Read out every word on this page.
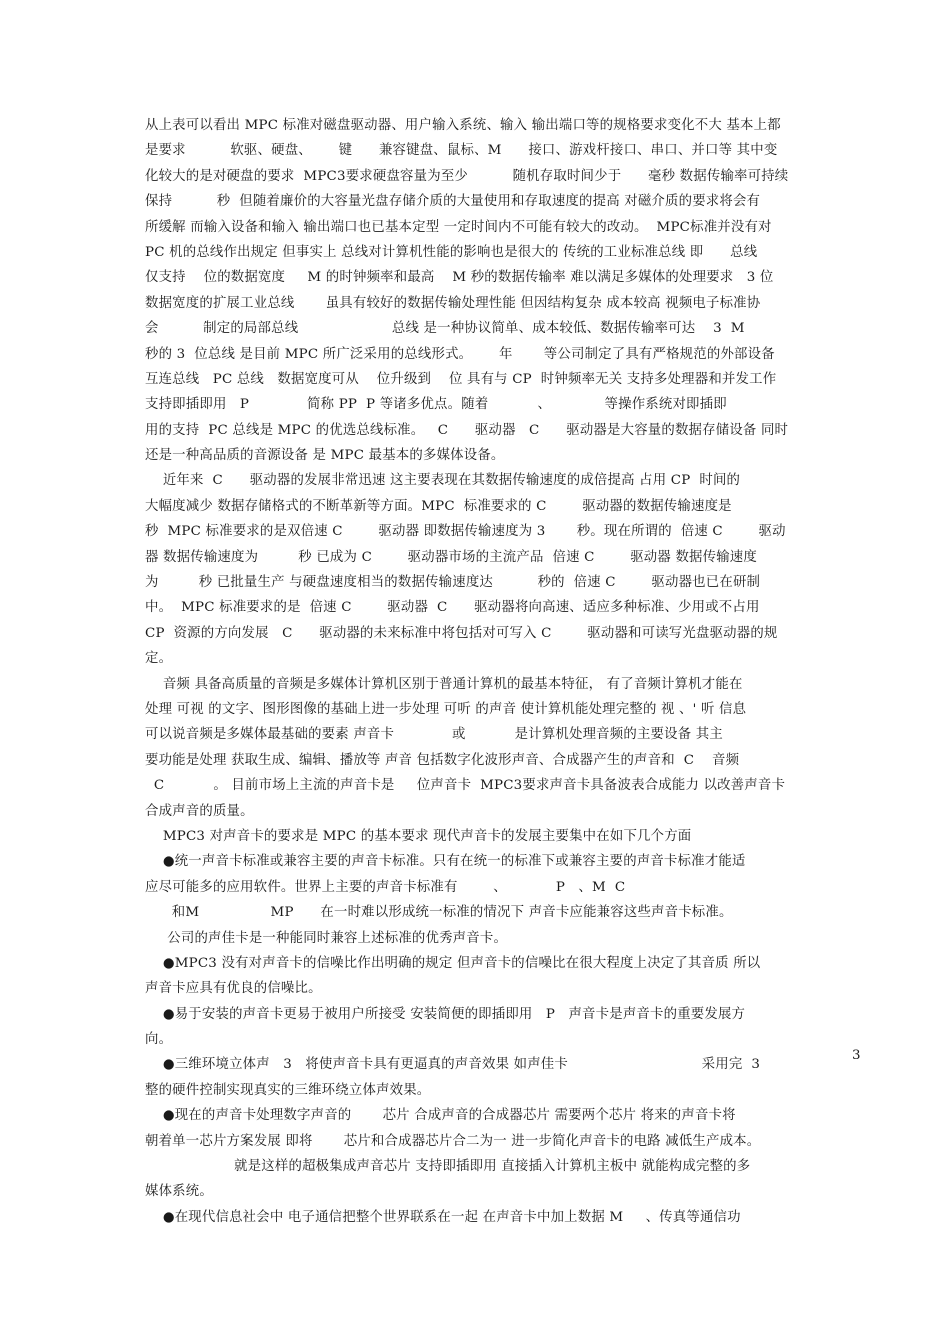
从上表可以看出 MPC 标准对磁盘驱动器、用户输入系统、输入 输出端口等的规格要求变化不大 基本上都
是要求          软驱、硬盘、      键      兼容键盘、鼠标、M      接口、游戏杆接口、串口、并口等 其中变
化较大的是对硬盘的要求  MPC3要求硬盘容量为至少          随机存取时间少于      毫秒 数据传输率可持续
保持          秒  但随着廉价的大容量光盘存储介质的大量使用和存取速度的提高 对磁介质的要求将会有
所缓解 而输入设备和输入 输出端口也已基本定型 一定时间内不可能有较大的改动。  MPC标准并没有对
PC 机的总线作出规定 但事实上 总线对计算机性能的影响也是很大的 传统的工业标准总线 即      总线
仅支持    位的数据宽度     M 的时钟频率和最高    M 秒的数据传输率 难以满足多媒体的处理要求   3 位
数据宽度的扩展工业总线       虽具有较好的数据传输处理性能 但因结构复杂 成本较高 视频电子标准协
会          制定的局部总线                     总线 是一种协议简单、成本较低、数据传输率可达    3  M
秒的 3  位总线 是目前 MPC 所广泛采用的总线形式。      年       等公司制定了具有严格规范的外部设备
互连总线   PC 总线   数据宽度可从    位升级到    位 具有与 CP  时钟频率无关 支持多处理器和并发工作
支持即插即用   P             简称 PP  P 等诸多优点。随着           、            等操作系统对即插即
用的支持  PC 总线是 MPC 的优选总线标准。   C      驱动器   C      驱动器是大容量的数据存储设备 同时
还是一种高品质的音源设备 是 MPC 最基本的多媒体设备。
近年来  C      驱动器的发展非常迅速 这主要表现在其数据传输速度的成倍提高 占用 CP  时间的
大幅度减少 数据存储格式的不断革新等方面。MPC  标准要求的 C        驱动器的数据传输速度是
秒  MPC 标准要求的是双倍速 C        驱动器 即数据传输速度为 3       秒。现在所谓的  倍速 C        驱动
器 数据传输速度为         秒 已成为 C        驱动器市场的主流产品  倍速 C        驱动器 数据传输速度
为         秒 已批量生产 与硬盘速度相当的数据传输速度达          秒的  倍速 C        驱动器也已在研制
中。  MPC 标准要求的是  倍速 C        驱动器  C      驱动器将向高速、适应多种标准、少用或不占用
CP  资源的方向发展   C      驱动器的未来标准中将包括对可写入 C        驱动器和可读写光盘驱动器的规
定。
音频 具备高质量的音频是多媒体计算机区别于普通计算机的最基本特征， 有了音频计算机才能在
处理 可视 的文字、图形图像的基础上进一步处理 可听 的声音 使计算机能处理完整的 视 、' 听 信息
可以说音频是多媒体最基础的要素 声音卡             或           是计算机处理音频的主要设备 其主
要功能是处理 获取生成、编辑、播放等 声音 包括数字化波形声音、合成器产生的声音和  C    音频
C           。 目前市场上主流的声音卡是     位声音卡  MPC3要求声音卡具备波表合成能力 以改善声音卡
合成声音的质量。
MPC3 对声音卡的要求是 MPC 的基本要求 现代声音卡的发展主要集中在如下几个方面
●统一声音卡标准或兼容主要的声音卡标准。只有在统一的标准下或兼容主要的声音卡标准才能适
应尽可能多的应用软件。世界上主要的声音卡标准有        、           P   、M  C
和M                MP      在一时难以形成统一标准的情况下 声音卡应能兼容这些声音卡标准。
公司的声佳卡是一种能同时兼容上述标准的优秀声音卡。
●MPC3 没有对声音卡的信噪比作出明确的规定 但声音卡的信噪比在很大程度上决定了其音质 所以
声音卡应具有优良的信噪比。
●易于安装的声音卡更易于被用户所接受 安装简便的即插即用   P   声音卡是声音卡的重要发展方
向。
●三维环境立体声   3   将使声音卡具有更逼真的声音效果 如声佳卡                              采用完  3
整的硬件控制实现真实的三维环绕立体声效果。
●现在的声音卡处理数字声音的       芯片 合成声音的合成器芯片 需要两个芯片 将来的声音卡将
朝着单一芯片方案发展 即将       芯片和合成器芯片合二为一 进一步简化声音卡的电路 减低生产成本。
就是这样的超极集成声音芯片 支持即插即用 直接插入计算机主板中 就能构成完整的多
媒体系统。
●在现代信息社会中 电子通信把整个世界联系在一起 在声音卡中加上数据 M     、传真等通信功
3
